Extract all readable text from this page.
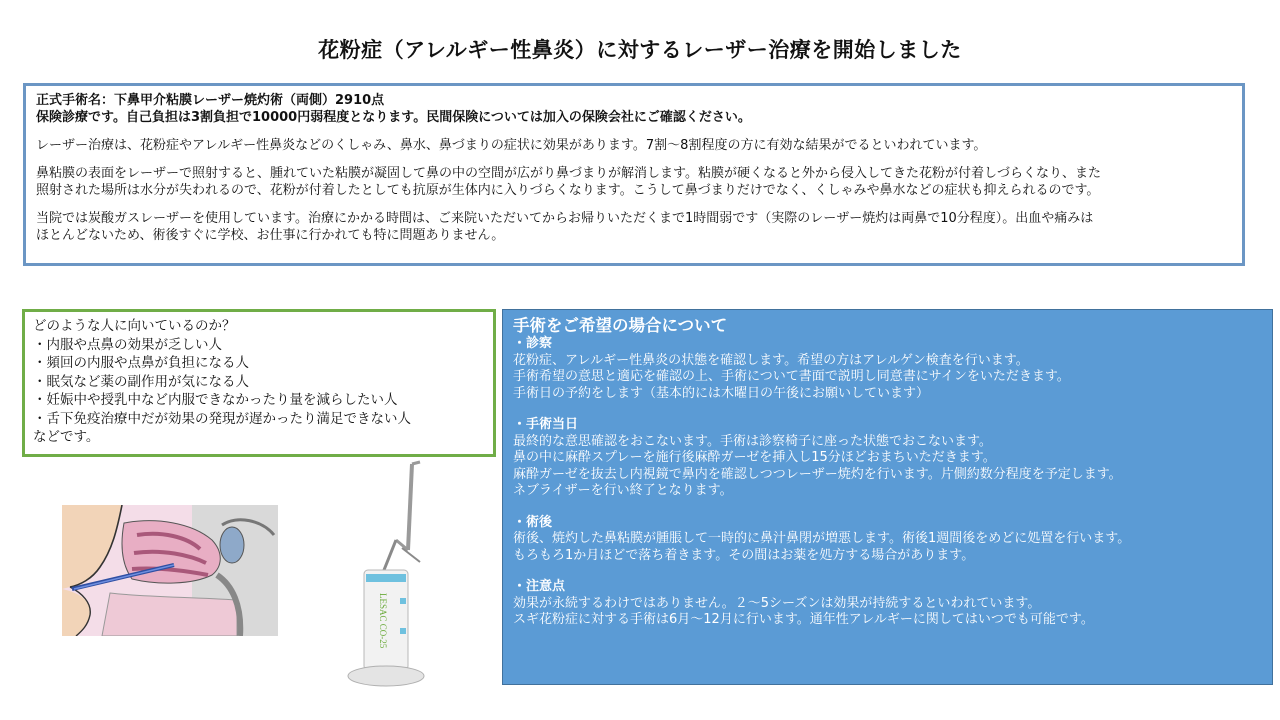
花粉症（アレルギー性鼻炎）に対するレーザー治療を開始しました

正式手術名：下鼻甲介粘膜レーザー焼灼術（両側）2910点

保険診療です。自己負担は3割負担で10000円弱程度となります。民間保険については加入の保険会社にご確認ください。

レーザー治療は、花粉症やアレルギー性鼻炎などのくしゃみ、鼻水、鼻づまりの症状に効果があります。7割～8割程度の方に有効な結果がでるといわれています。

鼻粘膜の表面をレーザーで照射すると、腫れていた粘膜が凝固して鼻の中の空間が広がり鼻づまりが解消します。粘膜が硬くなると外から侵入してきた花粉が付着しづらくなり、また

照射された場所は水分が失われるので、花粉が付着したとしても抗原が生体内に入りづらくなります。こうして鼻づまりだけでなく、くしゃみや鼻水などの症状も抑えられるのです。

当院では炭酸ガスレーザーを使用しています。治療にかかる時間は、ご来院いただいてからお帰りいただくまで1時間弱です（実際のレーザー焼灼は両鼻で10分程度）。出血や痛みは

ほとんどないため、術後すぐに学校、お仕事に行かれても特に問題ありません。

どのような人に向いているのか？
・内服や点鼻の効果が乏しい人
・頻回の内服や点鼻が負担になる人
・眠気など薬の副作用が気になる人
・妊娠中や授乳中など内服できなかったり量を減らしたい人
・舌下免疫治療中だが効果の発現が遅かったり満足できない人
などです。
手術をご希望の場合について
・診察
花粉症、アレルギー性鼻炎の状態を確認します。希望の方はアレルゲン検査を行います。
手術希望の意思と適応を確認の上、手術について書面で説明し同意書にサインをいただきます。
手術日の予約をします（基本的には木曜日の午後にお願いしています）
・手術当日
最終的な意思確認をおこないます。手術は診察椅子に座った状態でおこないます。
鼻の中に麻酔スプレーを施行後麻酔ガーゼを挿入し15分ほどおまちいただきます。
麻酔ガーゼを抜去し内視鏡で鼻内を確認しつつレーザー焼灼を行います。片側約数分程度を予定します。
ネブライザーを行い終了となります。
・術後
術後、焼灼した鼻粘膜が腫脹して一時的に鼻汁鼻閉が増悪します。術後1週間後をめどに処置を行います。
もろもろ1か月ほどで落ち着きます。その間はお薬を処方する場合があります。
・注意点
効果が永続するわけではありません。２～5シーズンは効果が持続するといわれています。
スギ花粉症に対する手術は6月～12月に行います。通年性アレルギーに関してはいつでも可能です。
LESAC CO-25
